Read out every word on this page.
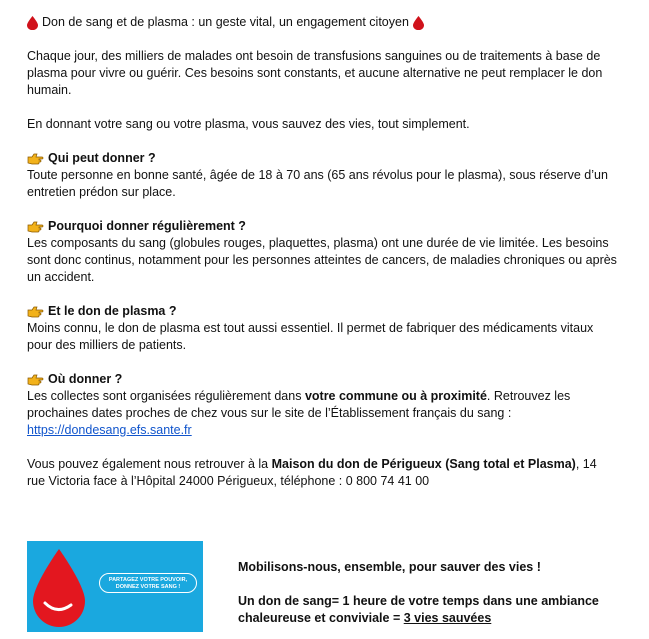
Don de sang et de plasma : un geste vital, un engagement citoyen

Chaque jour, des milliers de malades ont besoin de transfusions sanguines ou de traitements à base de plasma pour vivre ou guérir. Ces besoins sont constants, et aucune alternative ne peut remplacer le don humain.

En donnant votre sang ou votre plasma, vous sauvez des vies, tout simplement.

Qui peut donner ?

Toute personne en bonne santé, âgée de 18 à 70 ans (65 ans révolus pour le plasma), sous réserve d’un entretien prédon sur place.

Pourquoi donner régulièrement ?

Les composants du sang (globules rouges, plaquettes, plasma) ont une durée de vie limitée. Les besoins sont donc continus, notamment pour les personnes atteintes de cancers, de maladies chroniques ou après un accident.

Et le don de plasma ?

Moins connu, le don de plasma est tout aussi essentiel. Il permet de fabriquer des médicaments vitaux pour des milliers de patients.

Où donner ?

Les collectes sont organisées régulièrement dans votre commune ou à proximité. Retrouvez les prochaines dates proches de chez vous sur le site de l’Établissement français du sang :
https://dondesang.efs.sante.fr

Vous pouvez également nous retrouver à la Maison du don de Périgueux (Sang total et Plasma), 14 rue Victoria face à l’Hôpital 24000 Périgueux, téléphone : 0 800 74 41 00

PARTAGEZ VOTRE POUVOIR,
DONNEZ VOTRE SANG !

Mobilisons-nous, ensemble, pour sauver des vies !

Un don de sang= 1 heure de votre temps dans une ambiance chaleureuse et conviviale = 3 vies sauvées
